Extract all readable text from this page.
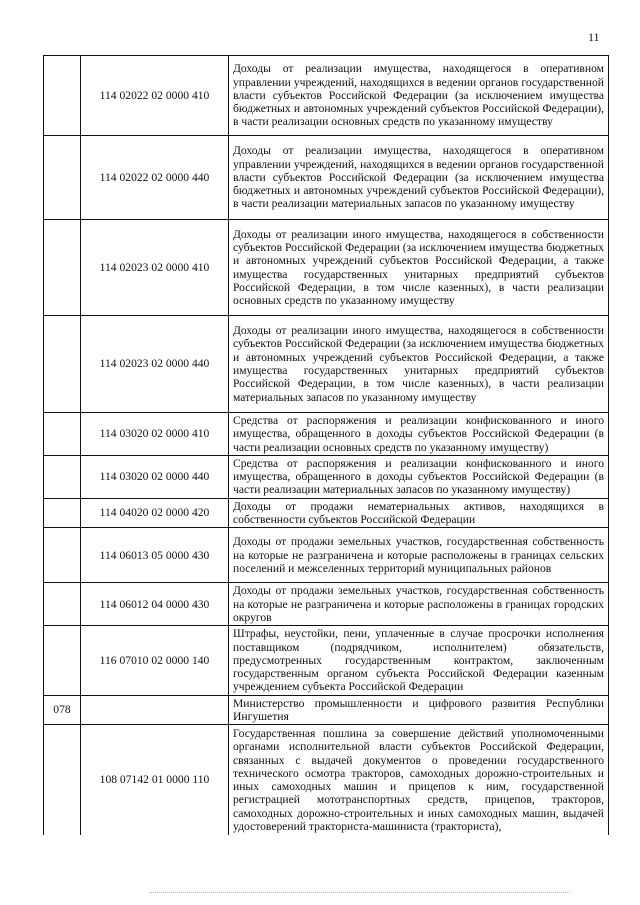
11
	114 02022 02 0000 410	Доходы от реализации имущества, находящегося в оперативном управлении учреждений, находящихся в ведении органов государственной власти субъектов Российской Федерации (за исключением имущества бюджетных и автономных учреждений субъектов Российской Федерации), в части реализации основных средств по указанному имуществу

	114 02022 02 0000 440	Доходы от реализации имущества, находящегося в оперативном управлении учреждений, находящихся в ведении органов государственной власти субъектов Российской Федерации (за исключением имущества бюджетных и автономных учреждений субъектов Российской Федерации), в части реализации материальных запасов по указанному имуществу

	114 02023 02 0000 410	Доходы от реализации иного имущества, находящегося в собственности субъектов Российской Федерации (за исключением имущества бюджетных и автономных учреждений субъектов Российской Федерации, а также имущества государственных унитарных предприятий субъектов Российской Федерации, в том числе казенных), в части реализации основных средств по указанному имуществу

	114 02023 02 0000 440	Доходы от реализации иного имущества, находящегося в собственности субъектов Российской Федерации (за исключением имущества бюджетных и автономных учреждений субъектов Российской Федерации, а также имущества государственных унитарных предприятий субъектов Российской Федерации, в том числе казенных), в части реализации материальных запасов по указанному имуществу

	114 03020 02 0000 410	Средства от распоряжения и реализации конфискованного и иного имущества, обращенного в доходы субъектов Российской Федерации (в части реализации основных средств по указанному имуществу)

	114 03020 02 0000 440	Средства от распоряжения и реализации конфискованного и иного имущества, обращенного в доходы субъектов Российской Федерации (в части реализации материальных запасов по указанному имуществу)

	114 04020 02 0000 420	Доходы от продажи нематериальных активов, находящихся в собственности субъектов Российской Федерации

	114 06013 05 0000 430	Доходы от продажи земельных участков, государственная собственность на которые не разграничена и которые расположены в границах сельских поселений и межселенных территорий муниципальных районов

	114 06012 04 0000 430	Доходы от продажи земельных участков, государственная собственность на которые не разграничена и которые расположены в границах городских округов

	116 07010 02 0000 140	Штрафы, неустойки, пени, уплаченные в случае просрочки исполнения поставщиком (подрядчиком, исполнителем) обязательств, предусмотренных государственным контрактом, заключенным государственным органом субъекта Российской Федерации казенным учреждением субъекта Российской Федерации

078		Министерство промышленности и цифрового развития Республики Ингушетия

	108 07142 01 0000 110	Государственная пошлина за совершение действий уполномоченными органами исполнительной власти субъектов Российской Федерации, связанных с выдачей документов о проведении государственного технического осмотра тракторов, самоходных дорожно-строительных и иных самоходных машин и прицепов к ним, государственной регистрацией мототранспортных средств, прицепов, тракторов, самоходных дорожно-строительных и иных самоходных машин, выдачей удостоверений тракториста-машиниста (тракториста),
